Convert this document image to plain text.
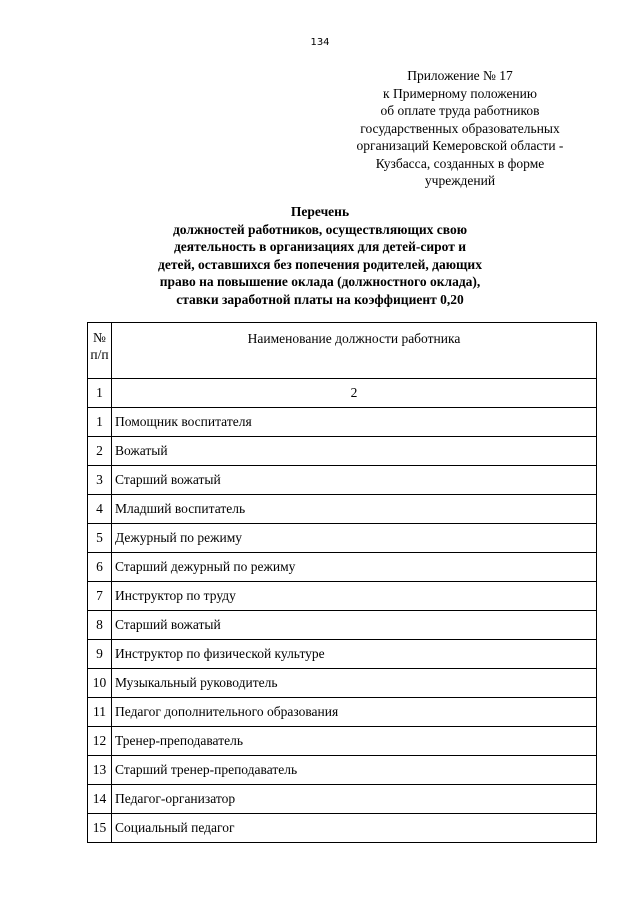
134
Приложение № 17
к Примерному положению
об оплате труда работников
государственных образовательных
организаций Кемеровской области -
Кузбасса, созданных в форме
учреждений
Перечень
должностей работников, осуществляющих свою
деятельность в организациях для детей-сирот и
детей, оставшихся без попечения родителей, дающих
право на повышение оклада (должностного оклада),
ставки заработной платы на коэффициент 0,20
№
п/п	Наименование должности работника
1	2
1	Помощник воспитателя
2	Вожатый
3	Старший вожатый
4	Младший воспитатель
5	Дежурный по режиму
6	Старший дежурный по режиму
7	Инструктор по труду
8	Старший вожатый
9	Инструктор по физической культуре
10	Музыкальный руководитель
11	Педагог дополнительного образования
12	Тренер-преподаватель
13	Старший тренер-преподаватель
14	Педагог-организатор
15	Социальный педагог
